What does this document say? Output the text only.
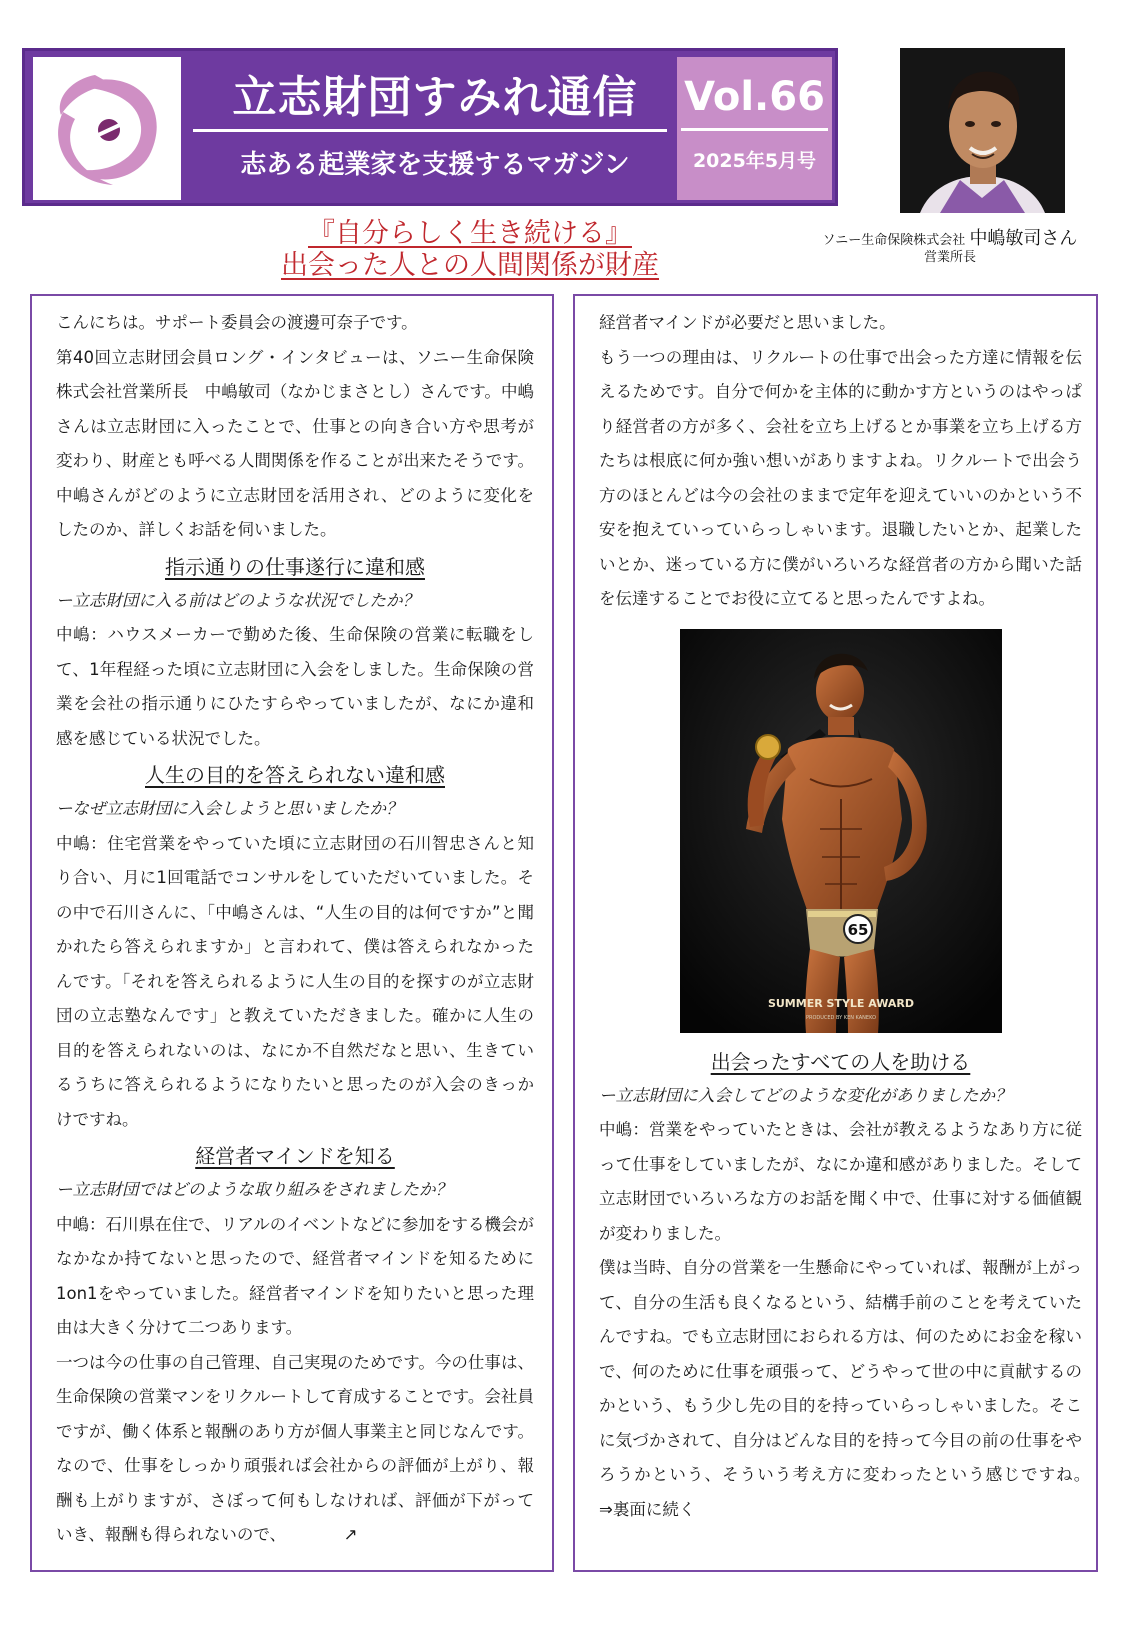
立志財団すみれ通信
志ある起業家を支援するマガジン
Vol.66
2025年5月号
ソニー生命保険株式会社 中嶋敏司さん
営業所長
『自分らしく生き続ける』
出会った人との人間関係が財産
こんにちは。サポート委員会の渡邊可奈子です。
第40回立志財団会員ロング・インタビューは、ソニー生命保険株式会社営業所長　中嶋敏司（なかじまさとし）さんです。中嶋さんは立志財団に入ったことで、仕事との向き合い方や思考が変わり、財産とも呼べる人間関係を作ることが出来たそうです。中嶋さんがどのように立志財団を活用され、どのように変化をしたのか、詳しくお話を伺いました。
指示通りの仕事遂行に違和感
ー立志財団に入る前はどのような状況でしたか？
中嶋：ハウスメーカーで勤めた後、生命保険の営業に転職をして、1年程経った頃に立志財団に入会をしました。生命保険の営業を会社の指示通りにひたすらやっていましたが、なにか違和感を感じている状況でした。
人生の目的を答えられない違和感
ーなぜ立志財団に入会しようと思いましたか？
中嶋：住宅営業をやっていた頃に立志財団の石川智忠さんと知り合い、月に1回電話でコンサルをしていただいていました。その中で石川さんに、「中嶋さんは、“人生の目的は何ですか”と聞かれたら答えられますか」と言われて、僕は答えられなかったんです。「それを答えられるように人生の目的を探すのが立志財団の立志塾なんです」と教えていただきました。確かに人生の目的を答えられないのは、なにか不自然だなと思い、生きているうちに答えられるようになりたいと思ったのが入会のきっかけですね。
経営者マインドを知る
ー立志財団ではどのような取り組みをされましたか？
中嶋：石川県在住で、リアルのイベントなどに参加をする機会がなかなか持てないと思ったので、経営者マインドを知るために1on1をやっていました。経営者マインドを知りたいと思った理由は大きく分けて二つあります。
一つは今の仕事の自己管理、自己実現のためです。今の仕事は、生命保険の営業マンをリクルートして育成することです。会社員ですが、働く体系と報酬のあり方が個人事業主と同じなんです。なので、仕事をしっかり頑張れば会社からの評価が上がり、報酬も上がりますが、さぼって何もしなければ、評価が下がっていき、報酬も得られないので、　　　　	↗
経営者マインドが必要だと思いました。
もう一つの理由は、リクルートの仕事で出会った方達に情報を伝えるためです。自分で何かを主体的に動かす方というのはやっぱり経営者の方が多く、会社を立ち上げるとか事業を立ち上げる方たちは根底に何か強い想いがありますよね。リクルートで出会う方のほとんどは今の会社のままで定年を迎えていいのかという不安を抱えていっていらっしゃいます。退職したいとか、起業したいとか、迷っている方に僕がいろいろな経営者の方から聞いた話を伝達することでお役に立てると思ったんですよね。
65
SUMMER STYLE AWARD
PRODUCED BY KEN KANEKO
出会ったすべての人を助ける
ー立志財団に入会してどのような変化がありましたか？
中嶋：営業をやっていたときは、会社が教えるようなあり方に従って仕事をしていましたが、なにか違和感がありました。そして立志財団でいろいろな方のお話を聞く中で、仕事に対する価値観が変わりました。
僕は当時、自分の営業を一生懸命にやっていれば、報酬が上がって、自分の生活も良くなるという、結構手前のことを考えていたんですね。でも立志財団におられる方は、何のためにお金を稼いで、何のために仕事を頑張って、どうやって世の中に貢献するのかという、もう少し先の目的を持っていらっしゃいました。そこに気づかされて、自分はどんな目的を持って今目の前の仕事をやろうかという、そういう考え方に変わったという感じですね。　　⇒裏面に続く
